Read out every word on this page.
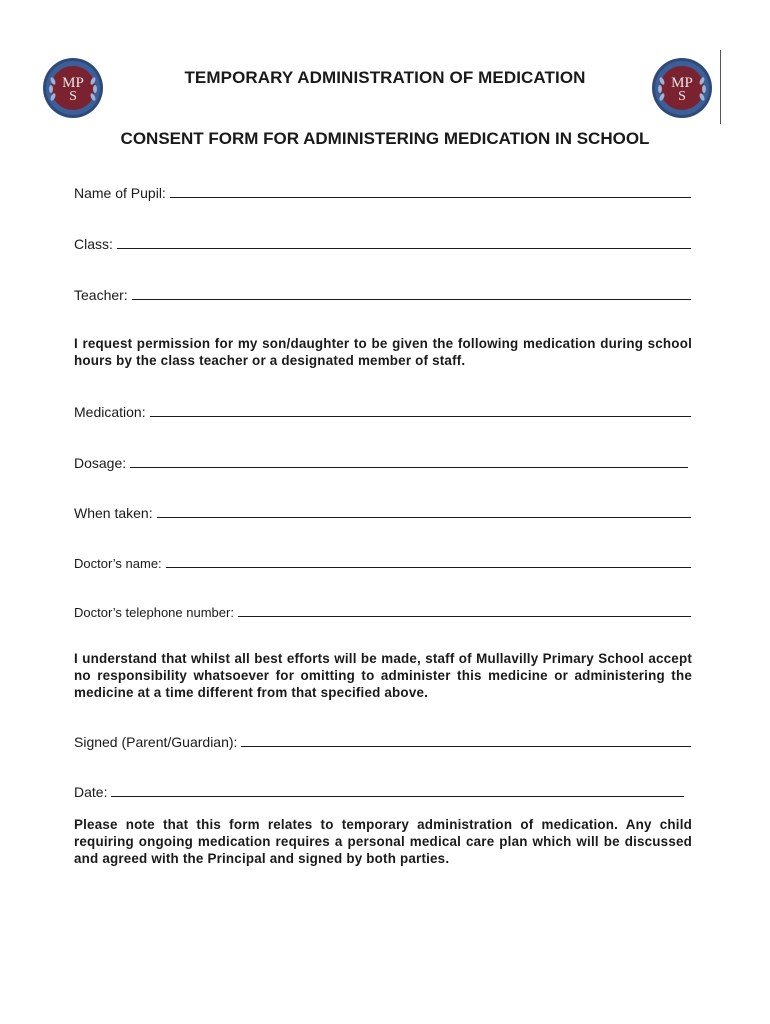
MP
S
MP
S
TEMPORARY ADMINISTRATION OF MEDICATION
CONSENT FORM FOR ADMINISTERING MEDICATION IN SCHOOL
Name of Pupil:
Class:
Teacher:
I request permission for my son/daughter to be given the following medication during school hours by the class teacher or a designated member of staff.
Medication:
Dosage:
When taken:
Doctor’s name:
Doctor’s telephone number:
I understand that whilst all best efforts will be made, staff of Mullavilly Primary School accept no responsibility whatsoever for omitting to administer this medicine or administering the medicine at a time different from that specified above.
Signed (Parent/Guardian):
Date:
Please note that this form relates to temporary administration of medication. Any child requiring ongoing medication requires a personal medical care plan which will be discussed and agreed with the Principal and signed by both parties.
